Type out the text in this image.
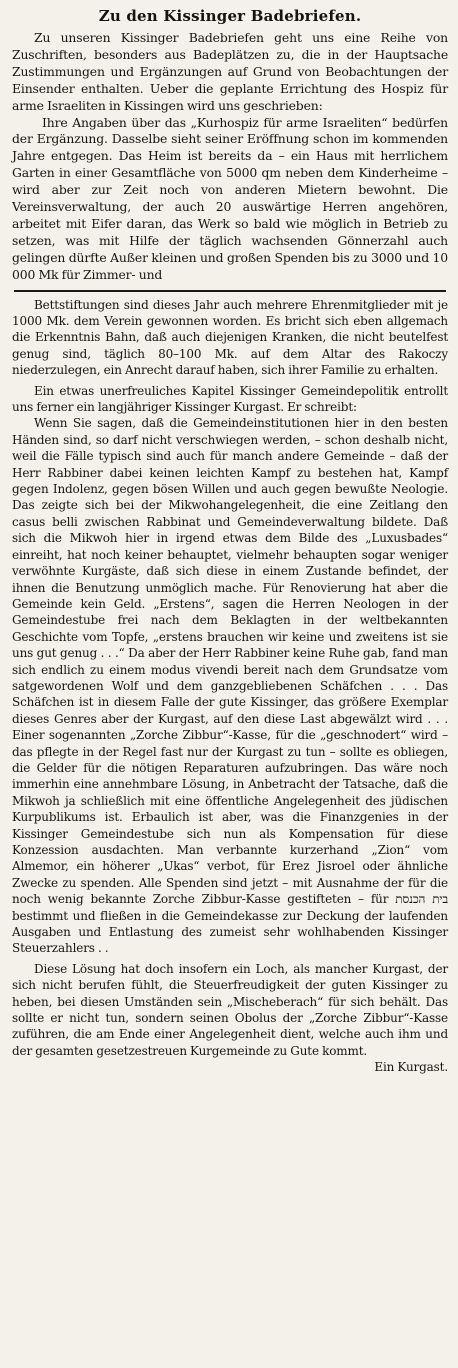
Zu den Kissinger Badebriefen.

Zu unseren Kissinger Badebriefen geht uns eine Reihe von Zuschriften, besonders aus Badeplätzen zu, die in der Hauptsache Zustimmungen und Ergänzungen auf Grund von Beobachtungen der Einsender enthalten. Ueber die geplante Errichtung des Hospiz für arme Israeliten in Kissingen wird uns geschrieben:

Ihre Angaben über das „Kurhospiz für arme Israeliten“ bedürfen der Ergänzung. Dasselbe sieht seiner Eröffnung schon im kommenden Jahre entgegen. Das Heim ist bereits da – ein Haus mit herrlichem Garten in einer Gesamtfläche von 5000 qm neben dem Kinderheime – wird aber zur Zeit noch von anderen Mietern bewohnt. Die Vereinsverwaltung, der auch 20 auswärtige Herren angehören, arbeitet mit Eifer daran, das Werk so bald wie möglich in Betrieb zu setzen, was mit Hilfe der täglich wachsenden Gönnerzahl auch gelingen dürfte Außer kleinen und großen Spenden bis zu 3000 und 10 000 Mk für Zimmer- und

Bettstiftungen sind dieses Jahr auch mehrere Ehrenmitglieder mit je 1000 Mk. dem Verein gewonnen worden. Es bricht sich eben allgemach die Erkenntnis Bahn, daß auch diejenigen Kranken, die nicht beutelfest genug sind, täglich 80–100 Mk. auf dem Altar des Rakoczy niederzulegen, ein Anrecht darauf haben, sich ihrer Familie zu erhalten.

Ein etwas unerfreuliches Kapitel Kissinger Gemeindepolitik entrollt uns ferner ein langjähriger Kissinger Kurgast. Er schreibt:

Wenn Sie sagen, daß die Gemeindeinstitutionen hier in den besten Händen sind, so darf nicht verschwiegen werden, – schon deshalb nicht, weil die Fälle typisch sind auch für manch andere Gemeinde – daß der Herr Rabbiner dabei keinen leichten Kampf zu bestehen hat, Kampf gegen Indolenz, gegen bösen Willen und auch gegen bewußte Neologie. Das zeigte sich bei der Mikwohangelegenheit, die eine Zeitlang den casus belli zwischen Rabbinat und Gemeindeverwaltung bildete. Daß sich die Mikwoh hier in irgend etwas dem Bilde des „Luxusbades“ einreiht, hat noch keiner behauptet, vielmehr behaupten sogar weniger verwöhnte Kurgäste, daß sich diese in einem Zustande befindet, der ihnen die Benutzung unmöglich mache. Für Renovierung hat aber die Gemeinde kein Geld. „Erstens“, sagen die Herren Neologen in der Gemeindestube frei nach dem Beklagten in der weltbekannten Geschichte vom Topfe, „erstens brauchen wir keine und zweitens ist sie uns gut genug . . .“ Da aber der Herr Rabbiner keine Ruhe gab, fand man sich endlich zu einem modus vivendi bereit nach dem Grundsatze vom satgewordenen Wolf und dem ganzgebliebenen Schäfchen . . . Das Schäfchen ist in diesem Falle der gute Kissinger, das größere Exemplar dieses Genres aber der Kurgast, auf den diese Last abgewälzt wird . . . Einer sogenannten „Zorche Zibbur“-Kasse, für die „geschnodert“ wird – das pflegte in der Regel fast nur der Kurgast zu tun – sollte es obliegen, die Gelder für die nötigen Reparaturen aufzubringen. Das wäre noch immerhin eine annehmbare Lösung, in Anbetracht der Tatsache, daß die Mikwoh ja schließlich mit eine öffentliche Angelegenheit des jüdischen Kurpublikums ist. Erbaulich ist aber, was die Finanzgenies in der Kissinger Gemeindestube sich nun als Kompensation für diese Konzession ausdachten. Man verbannte kurzerhand „Zion“ vom Almemor, ein höherer „Ukas“ verbot, für Erez Jisroel oder ähnliche Zwecke zu spenden. Alle Spenden sind jetzt – mit Ausnahme der für die noch wenig bekannte Zorche Zibbur-Kasse gestifteten – für בית הכנסת bestimmt und fließen in die Gemeindekasse zur Deckung der laufenden Ausgaben und Entlastung des zumeist sehr wohlhabenden Kissinger Steuerzahlers . .

Diese Lösung hat doch insofern ein Loch, als mancher Kurgast, der sich nicht berufen fühlt, die Steuerfreudigkeit der guten Kissinger zu heben, bei diesen Umständen sein „Mischeberach“ für sich behält. Das sollte er nicht tun, sondern seinen Obolus der „Zorche Zibbur“-Kasse zuführen, die am Ende einer Angelegenheit dient, welche auch ihm und der gesamten gesetzestreuen Kurgemeinde zu Gute kommt.
Ein Kurgast.
